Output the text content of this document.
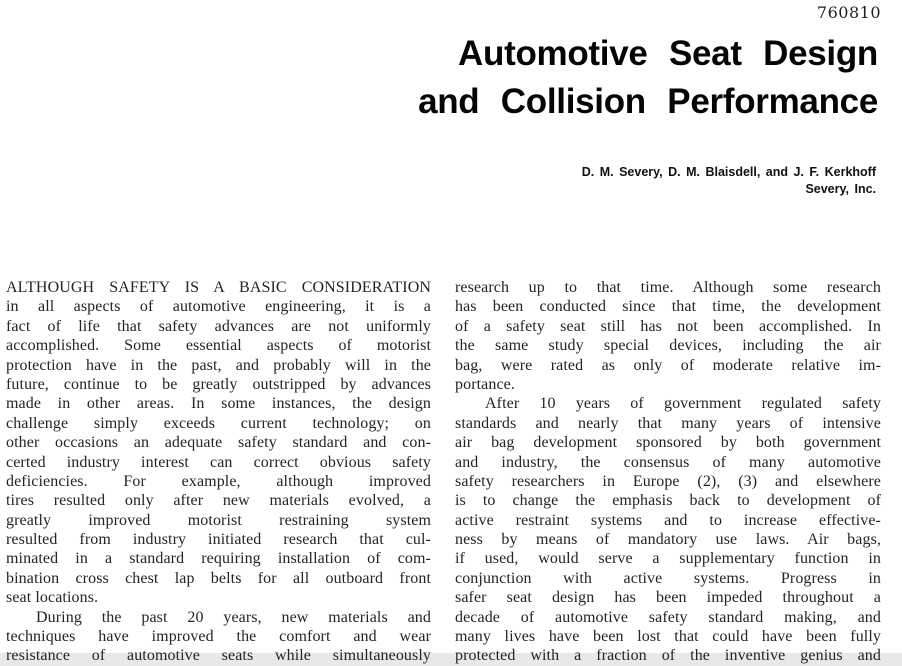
760810
Automotive Seat Design
and Collision Performance
D. M. Severy, D. M. Blaisdell, and J. F. Kerkhoff
Severy, Inc.
ALTHOUGH SAFETY IS A BASIC CONSIDERATION
in all aspects of automotive engineering, it is a
fact of life that safety advances are not uniformly
accomplished. Some essential aspects of motorist
protection have in the past, and probably will in the
future, continue to be greatly outstripped by advances
made in other areas. In some instances, the design
challenge simply exceeds current technology; on
other occasions an adequate safety standard and con-
certed industry interest can correct obvious safety
deficiencies. For example, although improved
tires resulted only after new materials evolved, a
greatly improved motorist restraining system
resulted from industry initiated research that cul-
minated in a standard requiring installation of com-
bination cross chest lap belts for all outboard front
seat locations.
During the past 20 years, new materials and
techniques have improved the comfort and wear
resistance of automotive seats while simultaneously
research up to that time. Although some research
has been conducted since that time, the development
of a safety seat still has not been accomplished. In
the same study special devices, including the air
bag, were rated as only of moderate relative im-
portance.
After 10 years of government regulated safety
standards and nearly that many years of intensive
air bag development sponsored by both government
and industry, the consensus of many automotive
safety researchers in Europe (2), (3) and elsewhere
is to change the emphasis back to development of
active restraint systems and to increase effective-
ness by means of mandatory use laws. Air bags,
if used, would serve a supplementary function in
conjunction with active systems. Progress in
safer seat design has been impeded throughout a
decade of automotive safety standard making, and
many lives have been lost that could have been fully
protected with a fraction of the inventive genius and
